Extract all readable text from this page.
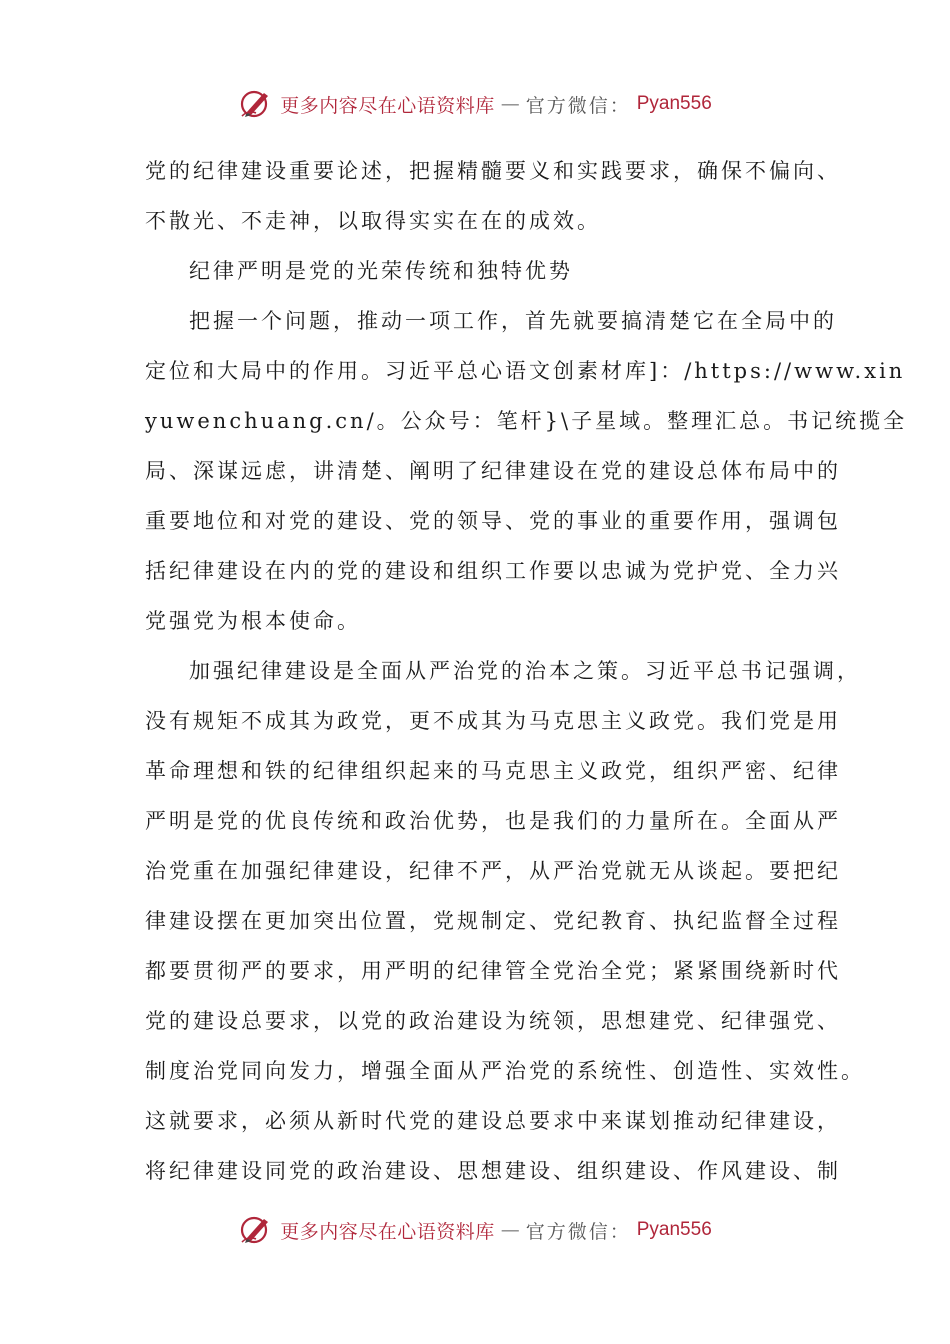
更多内容尽在心语资料库 — 官方微信： Pyan556
党的纪律建设重要论述，把握精髓要义和实践要求，确保不偏向、
不散光、不走神，以取得实实在在的成效。
纪律严明是党的光荣传统和独特优势
把握一个问题，推动一项工作，首先就要搞清楚它在全局中的
定位和大局中的作用。习近平总心语文创素材库]：/https://www.xin
yuwenchuang.cn/。公众号：笔杆}\子星域。整理汇总。书记统揽全
局、深谋远虑，讲清楚、阐明了纪律建设在党的建设总体布局中的
重要地位和对党的建设、党的领导、党的事业的重要作用，强调包
括纪律建设在内的党的建设和组织工作要以忠诚为党护党、全力兴
党强党为根本使命。
加强纪律建设是全面从严治党的治本之策。习近平总书记强调，
没有规矩不成其为政党，更不成其为马克思主义政党。我们党是用
革命理想和铁的纪律组织起来的马克思主义政党，组织严密、纪律
严明是党的优良传统和政治优势，也是我们的力量所在。全面从严
治党重在加强纪律建设，纪律不严，从严治党就无从谈起。要把纪
律建设摆在更加突出位置，党规制定、党纪教育、执纪监督全过程
都要贯彻严的要求，用严明的纪律管全党治全党；紧紧围绕新时代
党的建设总要求，以党的政治建设为统领，思想建党、纪律强党、
制度治党同向发力，增强全面从严治党的系统性、创造性、实效性。
这就要求，必须从新时代党的建设总要求中来谋划推动纪律建设，
将纪律建设同党的政治建设、思想建设、组织建设、作风建设、制
更多内容尽在心语资料库 — 官方微信： Pyan556
